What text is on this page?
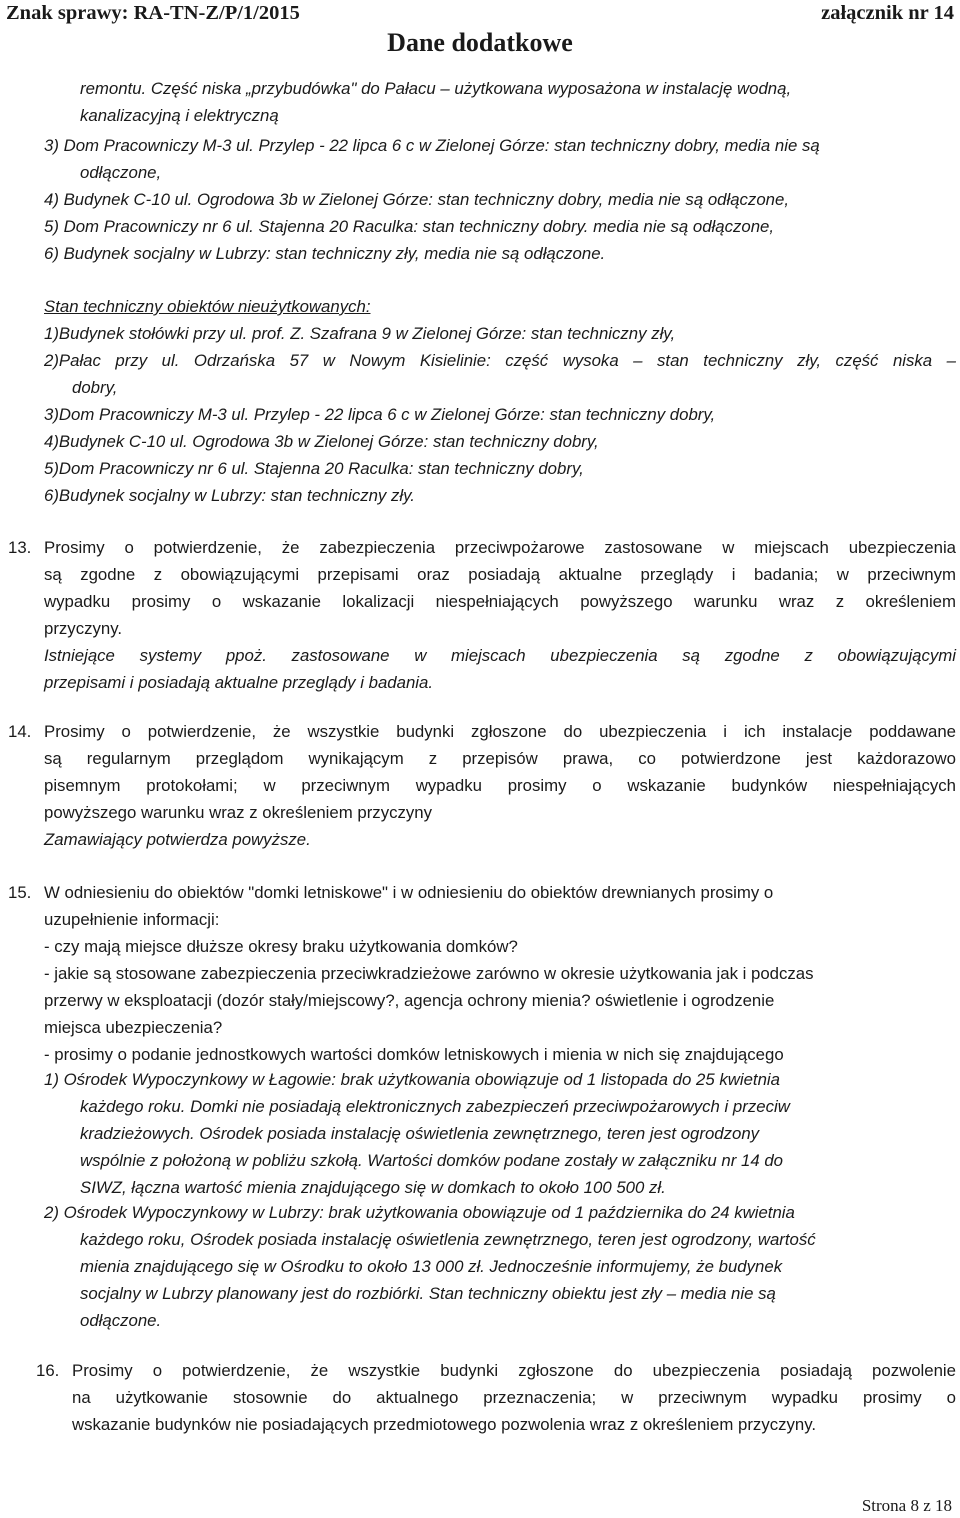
Znak sprawy: RA-TN-Z/P/1/2015	załącznik nr 14
Dane dodatkowe
remontu. Część niska „przybudówka" do Pałacu – użytkowana wyposażona w instalację wodną,
kanalizacyjną i elektryczną
3) Dom Pracowniczy M-3 ul. Przylep - 22 lipca 6 c w Zielonej Górze: stan techniczny dobry, media nie są
odłączone,
4) Budynek C-10 ul. Ogrodowa 3b w Zielonej Górze: stan techniczny dobry, media nie są odłączone,
5) Dom Pracowniczy nr 6 ul. Stajenna 20 Raculka: stan techniczny dobry. media nie są odłączone,
6) Budynek socjalny w Lubrzy: stan techniczny zły, media nie są odłączone.
Stan techniczny obiektów nieużytkowanych:
1)Budynek stołówki przy ul. prof. Z. Szafrana 9 w Zielonej Górze: stan techniczny zły,
2)Pałac przy ul. Odrzańska 57 w Nowym Kisielinie: część wysoka – stan techniczny zły, część niska –
dobry,
3)Dom Pracowniczy M-3 ul. Przylep - 22 lipca 6 c w Zielonej Górze: stan techniczny dobry,
4)Budynek C-10 ul. Ogrodowa 3b w Zielonej Górze: stan techniczny dobry,
5)Dom Pracowniczy nr 6 ul. Stajenna 20 Raculka: stan techniczny dobry,
6)Budynek socjalny w Lubrzy: stan techniczny zły.
13. Prosimy o potwierdzenie, że zabezpieczenia przeciwpożarowe zastosowane w miejscach ubezpieczenia
są zgodne z obowiązującymi przepisami oraz posiadają aktualne przeglądy i badania; w przeciwnym
wypadku prosimy o wskazanie lokalizacji niespełniających powyższego warunku wraz z określeniem
przyczyny.
Istniejące systemy ppoż. zastosowane w miejscach ubezpieczenia są zgodne z obowiązującymi
przepisami i posiadają aktualne przeglądy i badania.
14. Prosimy o potwierdzenie, że wszystkie budynki zgłoszone do ubezpieczenia i ich instalacje poddawane
są regularnym przeglądom wynikającym z przepisów prawa, co potwierdzone jest każdorazowo
pisemnym protokołami; w przeciwnym wypadku prosimy o wskazanie budynków niespełniających
powyższego warunku wraz z określeniem przyczyny
Zamawiający potwierdza powyższe.
15. W odniesieniu do obiektów "domki letniskowe" i w odniesieniu do obiektów drewnianych prosimy o
uzupełnienie informacji:
- czy mają miejsce dłuższe okresy braku użytkowania domków?
- jakie są stosowane zabezpieczenia przeciwkradzieżowe zarówno w okresie użytkowania jak i podczas
przerwy w eksploatacji (dozór stały/miejscowy?, agencja ochrony mienia? oświetlenie i ogrodzenie
miejsca ubezpieczenia?
- prosimy o podanie jednostkowych wartości domków letniskowych i mienia w nich się znajdującego
1) Ośrodek Wypoczynkowy w Łagowie: brak użytkowania obowiązuje od 1 listopada do 25 kwietnia
każdego roku. Domki nie posiadają elektronicznych zabezpieczeń przeciwpożarowych i przeciw
kradzieżowych. Ośrodek posiada instalację oświetlenia zewnętrznego, teren jest ogrodzony
wspólnie z położoną w pobliżu szkołą. Wartości domków podane zostały w załączniku nr 14 do
SIWZ, łączna wartość mienia znajdującego się w domkach to około 100 500 zł.
2) Ośrodek Wypoczynkowy w Lubrzy: brak użytkowania obowiązuje od 1 października do 24 kwietnia
każdego roku, Ośrodek posiada instalację oświetlenia zewnętrznego, teren jest ogrodzony, wartość
mienia znajdującego się w Ośrodku to około 13 000 zł. Jednocześnie informujemy, że budynek
socjalny w Lubrzy planowany jest do rozbiórki. Stan techniczny obiektu jest zły – media nie są
odłączone.
16. Prosimy o potwierdzenie, że wszystkie budynki zgłoszone do ubezpieczenia posiadają pozwolenie
na użytkowanie stosownie do aktualnego przeznaczenia; w przeciwnym wypadku prosimy o
wskazanie budynków nie posiadających przedmiotowego pozwolenia wraz z określeniem przyczyny.
Strona 8 z 18
